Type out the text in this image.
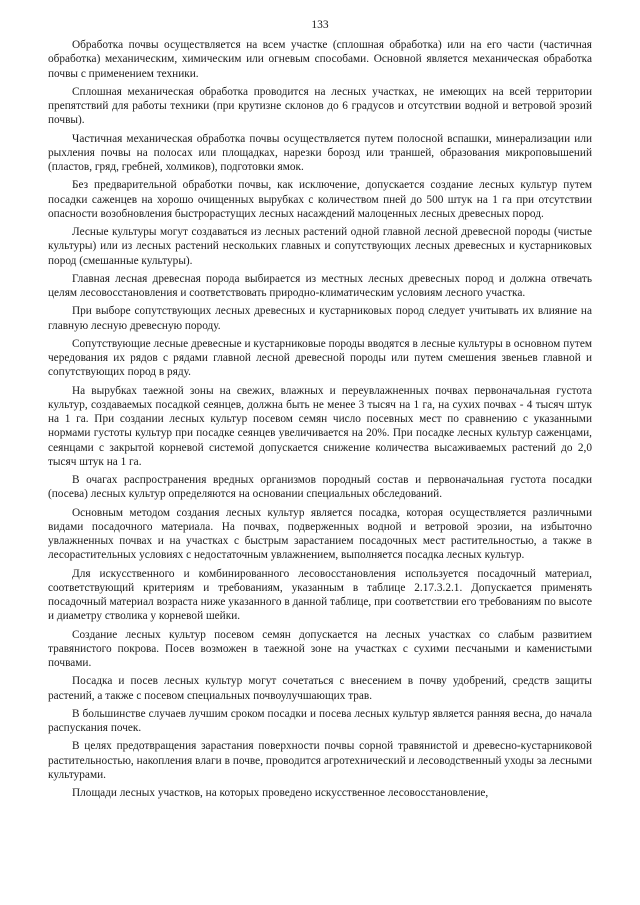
133

Обработка почвы осуществляется на всем участке (сплошная обработка) или на его части (частичная обработка) механическим, химическим или огневым способами. Основной является механическая обработка почвы с применением техники.

Сплошная механическая обработка проводится на лесных участках, не имеющих на всей территории препятствий для работы техники (при крутизне склонов до 6 градусов и отсутствии водной и ветровой эрозий почвы).

Частичная механическая обработка почвы осуществляется путем полосной вспашки, минерализации или рыхления почвы на полосах или площадках, нарезки борозд или траншей, образования микроповышений (пластов, гряд, гребней, холмиков), подготовки ямок.

Без предварительной обработки почвы, как исключение, допускается создание лесных культур путем посадки саженцев на хорошо очищенных вырубках с количеством пней до 500 штук на 1 га при отсутствии опасности возобновления быстрорастущих лесных насаждений малоценных лесных древесных пород.

Лесные культуры могут создаваться из лесных растений одной главной лесной древесной породы (чистые культуры) или из лесных растений нескольких главных и сопутствующих лесных древесных и кустарниковых пород (смешанные культуры).

Главная лесная древесная порода выбирается из местных лесных древесных пород и должна отвечать целям лесовосстановления и соответствовать природно-климатическим условиям лесного участка.

При выборе сопутствующих лесных древесных и кустарниковых пород следует учитывать их влияние на главную лесную древесную породу.

Сопутствующие лесные древесные и кустарниковые породы вводятся в лесные культуры в основном путем чередования их рядов с рядами главной лесной древесной породы или путем смешения звеньев главной и сопутствующих пород в ряду.

На вырубках таежной зоны на свежих, влажных и переувлажненных почвах первоначальная густота культур, создаваемых посадкой сеянцев, должна быть не менее 3 тысяч на 1 га, на сухих почвах - 4 тысяч штук на 1 га. При создании лесных культур посевом семян число посевных мест по сравнению с указанными нормами густоты культур при посадке сеянцев увеличивается на 20%. При посадке лесных культур саженцами, сеянцами с закрытой корневой системой допускается снижение количества высаживаемых растений до 2,0 тысяч штук на 1 га.

В очагах распространения вредных организмов породный состав и первоначальная густота посадки (посева) лесных культур определяются на основании специальных обследований.

Основным методом создания лесных культур является посадка, которая осуществляется различными видами посадочного материала. На почвах, подверженных водной и ветровой эрозии, на избыточно увлажненных почвах и на участках с быстрым зарастанием посадочных мест растительностью, а также в лесорастительных условиях с недостаточным увлажнением, выполняется посадка лесных культур.

Для искусственного и комбинированного лесовосстановления используется посадочный материал, соответствующий критериям и требованиям, указанным в таблице 2.17.3.2.1. Допускается применять посадочный материал возраста ниже указанного в данной таблице, при соответствии его требованиям по высоте и диаметру стволика у корневой шейки.

Создание лесных культур посевом семян допускается на лесных участках со слабым развитием травянистого покрова. Посев возможен в таежной зоне на участках с сухими песчаными и каменистыми почвами.

Посадка и посев лесных культур могут сочетаться с внесением в почву удобрений, средств защиты растений, а также с посевом специальных почвоулучшающих трав.

В большинстве случаев лучшим сроком посадки и посева лесных культур является ранняя весна, до начала распускания почек.

В целях предотвращения зарастания поверхности почвы сорной травянистой и древесно-кустарниковой растительностью, накопления влаги в почве, проводится агротехнический и лесоводственный уходы за лесными культурами.

Площади лесных участков, на которых проведено искусственное лесовосстановление,
